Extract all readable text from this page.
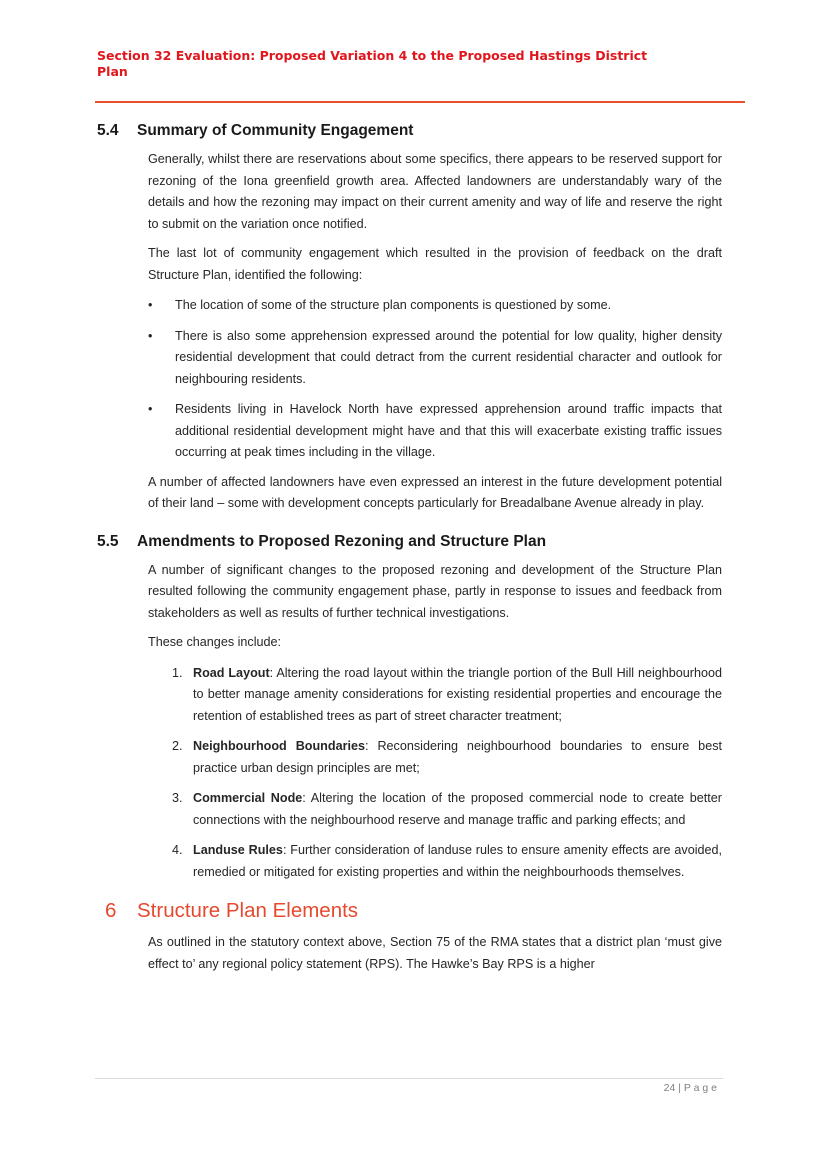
Section 32 Evaluation: Proposed Variation 4 to the Proposed Hastings District
Plan
5.4	Summary of Community Engagement
Generally, whilst there are reservations about some specifics, there appears to be reserved support for rezoning of the Iona greenfield growth area. Affected landowners are understandably wary of the details and how the rezoning may impact on their current amenity and way of life and reserve the right to submit on the variation once notified.
The last lot of community engagement which resulted in the provision of feedback on the draft Structure Plan, identified the following:
•	The location of some of the structure plan components is questioned by some.
•	There is also some apprehension expressed around the potential for low quality, higher density residential development that could detract from the current residential character and outlook for neighbouring residents.
•	Residents living in Havelock North have expressed apprehension around traffic impacts that additional residential development might have and that this will exacerbate existing traffic issues occurring at peak times including in the village.
A number of affected landowners have even expressed an interest in the future development potential of their land – some with development concepts particularly for Breadalbane Avenue already in play.
5.5	Amendments to Proposed Rezoning and Structure Plan
A number of significant changes to the proposed rezoning and development of the Structure Plan resulted following the community engagement phase, partly in response to issues and feedback from stakeholders as well as results of further technical investigations.
These changes include:
1. Road Layout: Altering the road layout within the triangle portion of the Bull Hill neighbourhood to better manage amenity considerations for existing residential properties and encourage the retention of established trees as part of street character treatment;
2. Neighbourhood Boundaries: Reconsidering neighbourhood boundaries to ensure best practice urban design principles are met;
3. Commercial Node: Altering the location of the proposed commercial node to create better connections with the neighbourhood reserve and manage traffic and parking effects; and
4. Landuse Rules: Further consideration of landuse rules to ensure amenity effects are avoided, remedied or mitigated for existing properties and within the neighbourhoods themselves.
6	Structure Plan Elements
As outlined in the statutory context above, Section 75 of the RMA states that a district plan ‘must give effect to’ any regional policy statement (RPS). The Hawke’s Bay RPS is a higher
24 | P a g e
